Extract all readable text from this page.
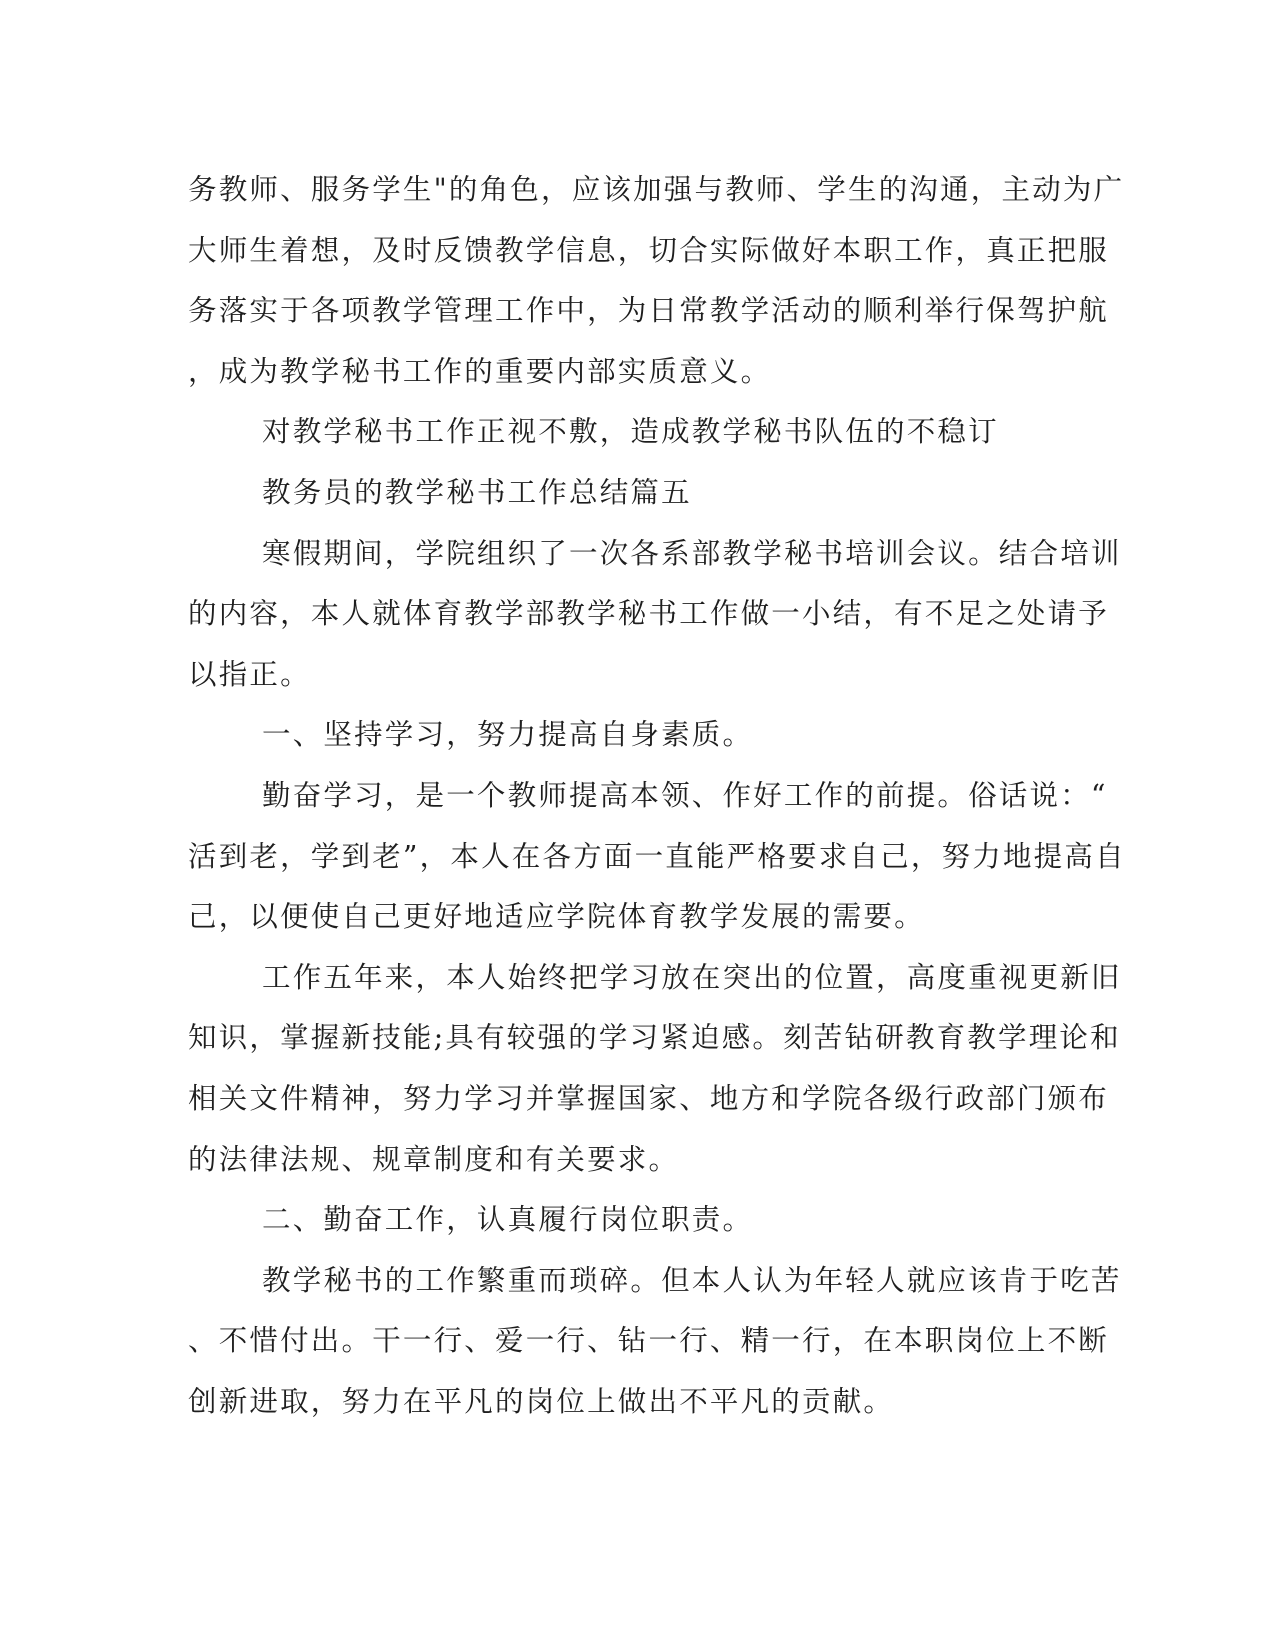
务教师、服务学生"的角色，应该加强与教师、学生的沟通，主动为广
大师生着想，及时反馈教学信息，切合实际做好本职工作，真正把服
务落实于各项教学管理工作中，为日常教学活动的顺利举行保驾护航
，成为教学秘书工作的重要内部实质意义。
对教学秘书工作正视不敷，造成教学秘书队伍的不稳订
教务员的教学秘书工作总结篇五
寒假期间，学院组织了一次各系部教学秘书培训会议。结合培训
的内容，本人就体育教学部教学秘书工作做一小结，有不足之处请予
以指正。
一、坚持学习，努力提高自身素质。
勤奋学习，是一个教师提高本领、作好工作的前提。俗话说：“
活到老，学到老”，本人在各方面一直能严格要求自己，努力地提高自
己，以便使自己更好地适应学院体育教学发展的需要。
工作五年来，本人始终把学习放在突出的位置，高度重视更新旧
知识，掌握新技能;具有较强的学习紧迫感。刻苦钻研教育教学理论和
相关文件精神，努力学习并掌握国家、地方和学院各级行政部门颁布
的法律法规、规章制度和有关要求。
二、勤奋工作，认真履行岗位职责。
教学秘书的工作繁重而琐碎。但本人认为年轻人就应该肯于吃苦
、不惜付出。干一行、爱一行、钻一行、精一行，在本职岗位上不断
创新进取，努力在平凡的岗位上做出不平凡的贡献。
